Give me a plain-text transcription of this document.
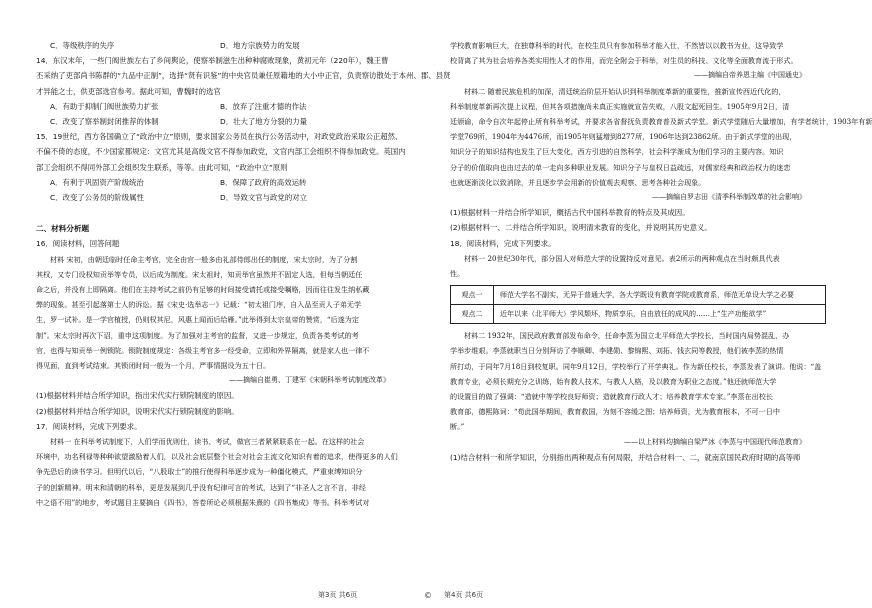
C．等级秩序的失序	D．地方宗族势力的发展
14．东汉末年，一些门阀世族左右了乡间舆论，使察举制滋生出种种腐败现象，黄初元年（220年），魏王曹
丕采纳了吏部尚书陈群的“九品中正制”，选择“贤有识鉴”的中央官员兼任原籍地的大小中正官，负责察访散处于本州、郡、县贤
才异能之士，供吏部选官参考。据此可知，曹魏时的选官
A．有助于抑制门阀世族势力扩张	B．放弃了注重才德的作法
C．改变了察举制封闭推荐的体制	D．壮大了地方分裂的力量
15．19世纪，西方各国确立了“政治中立”原则，要求国家公务员在执行公务活动中，对政党政治采取公正超然、
不偏不倚的态度，不少国家都规定：文官尤其是高级文官不得参加政党，文官内部工会组织不得参加政党。英国内
部工会组织不得同外部工会组织发生联系，等等。由此可知，“政治中立”原则
A．有利于巩固资产阶级统治	B．保障了政府的高效运转
C．改变了公务员的阶级属性	D．导致文官与政党的对立
二、材料分析题
16．阅读材料，回答问题
材料 宋初，由朝廷临时任命主考官，完全由官一般多由礼部侍郎出任的制度，宋太宗时，为了分割
其权，又专门设权知贡举等专员，以后成为制度。宋太祖时，知贡举官虽然并不固定人选，但每当朝廷任
命之后，并没有上即隔离。他们在主持考试之前仍有足够的时间接受请托或接受嘱赂，因而往往发生纳私藏
弊的现象。甚至引起落第士人的诉讼。据《宋史·选举志一》记载：“初太祖门序，自入品至贡人子弟无学
生，罗一试补。是一学官植授，仍则权其尼，风惠上闻而后给雁。”此举得到太宗皇帝的赞赏，“后遂为定
制”。宋太宗时再次下诏，重申这项制度。为了加强对主考官的监督，又进一步规定，负责各类考试的考
官，也得与知贡举一例锁院。锁院制度规定：各级主考官多一经受命，立即和外界隔离，就是家人也一律不
得见面，直到考试结束。其锁闭时间一般为一个月，严事情据设为五十日。
——摘编自崔勇、丁建军《宋朝科举考试制度改革》
(1)根据材料并结合所学知识，指出宋代实行锁院制度的原因。
(2)根据材料并结合所学知识，说明宋代实行锁院制度的影响。
17．阅读材料，完成下列要求。
材料一 在科举考试制度下，人们学而优则仕，读书、考试，做官三者紧紧联系在一起。在这样的社会
环境中，功名利禄等种种欲望激励着人们，以及社会底层整个社会对社会主流文化知识有着的追求，使得更多的人们
争先恐后的读书学习。但明代以后，“八股取士”的推行使得科举逐步成为一种僵化模式，严重束缚知识分
子的创新精神。明末和清朝的科举，更是发展到几乎没有纪律可言的考试，达到了“非圣人之言不言，非经
中之语不用”的地步，考试题目主要摘自《四书》，答卷所论必须根据朱熹的《四书集成》等书。科举考试对
学校教育影响巨大，在独尊科举的时代，在校生员只有参加科举才能入仕，不然皆以以教书为业，这导致学
校背离了其为社会培养各类实用性人才的作用，而完全附会于科举，对生员的科技、文化等全面教育流于形式。
——摘编自帝养恩主编《中国通史》
材料二 随着民族危机的加深，清廷统治阶层开始认识到科举制度革新的重要性，推新宣传西近代化的，
科举制度革新再次提上议程，但其各项措施尚未真正实施就宣告失败，八股文起死回生。1905年9月2日，清
廷颁谕，命令自次年起停止所有科举考试，并要求各省督抚负责教育普及新式学堂。新式学堂随后大量增加，有学者统计，1903年有新
学堂769所，1904年为4476所，而1905年则猛增到8277所，1906年达到23862所。由于新式学堂的出现，
知识分子的知识结构也发生了巨大变化，西方引进的自然科学，社会科学渐成为他们学习的主要内容。知识
分子的价值取向也由过去的单一走向多种职业发展。知识分子与皇权日益疏远，对儒家经典和政治权力的迷恋
也就逐渐淡化以致消除，并且逐步学会用新的价值观去观察、思考各种社会现象。
——摘编自罗志田《清季科举制改革的社会影响》
(1)根据材料一并结合所学知识，概括古代中国科举教育的特点及其成因。
(2)根据材料一、二并结合所学知识，说明清末教育的变化，并说明其历史意义。
18．阅读材料，完成下列要求。
材料一 20世纪30年代，部分国人对师范大学的设置持反对意见。表2所示的两种观点在当时颇具代表
性。
观点一	师范大学名不副实，无异于普通大学，各大学既设有教育学院或教育系，师范无单设大学之必要
观点二	近年以来（北平师大）学风颓坏，物质享乐，自由放任的成风的……上“生产功能欲学”
材料二 1932年，国民政府教育部发布命令，任命李蒸为国立北平师范大学校长，当时国内局势混乱，办
学举步维艰。李蒸就职当日分别拜访了李顺卿、李建勋、黎锦熙、刘拓、钱玄同等教授，他们被李蒸的热情
所打动，于同年7月18日到校复职。同年9月12日，学校举行了开学典礼。作为新任校长，李蒸发表了演讲。他说：“盖
教育专业，必须长期充分之训练，始有教人技术，与教人人格，及以教育为职业之态度。”他还就师范大学
的设置目的做了强调：“造就中等学校良好师资；造就教育行政人才；培养教育学术专家。”李蒸在出校长
教育部，德熙陈词：“苟此国举期间，教育救国，为刻不容缓之图；培养师资，尤为教育根本，不可一日中
断。”
——以上材料均摘编自梁严冰《李蒸与中国现代师范教育》
(1)结合材料一和所学知识，分别指出两种观点有何局限，并结合材料一、二，就南京国民政府时期的高等师
第3页 共6页	© 第4页 共6页
